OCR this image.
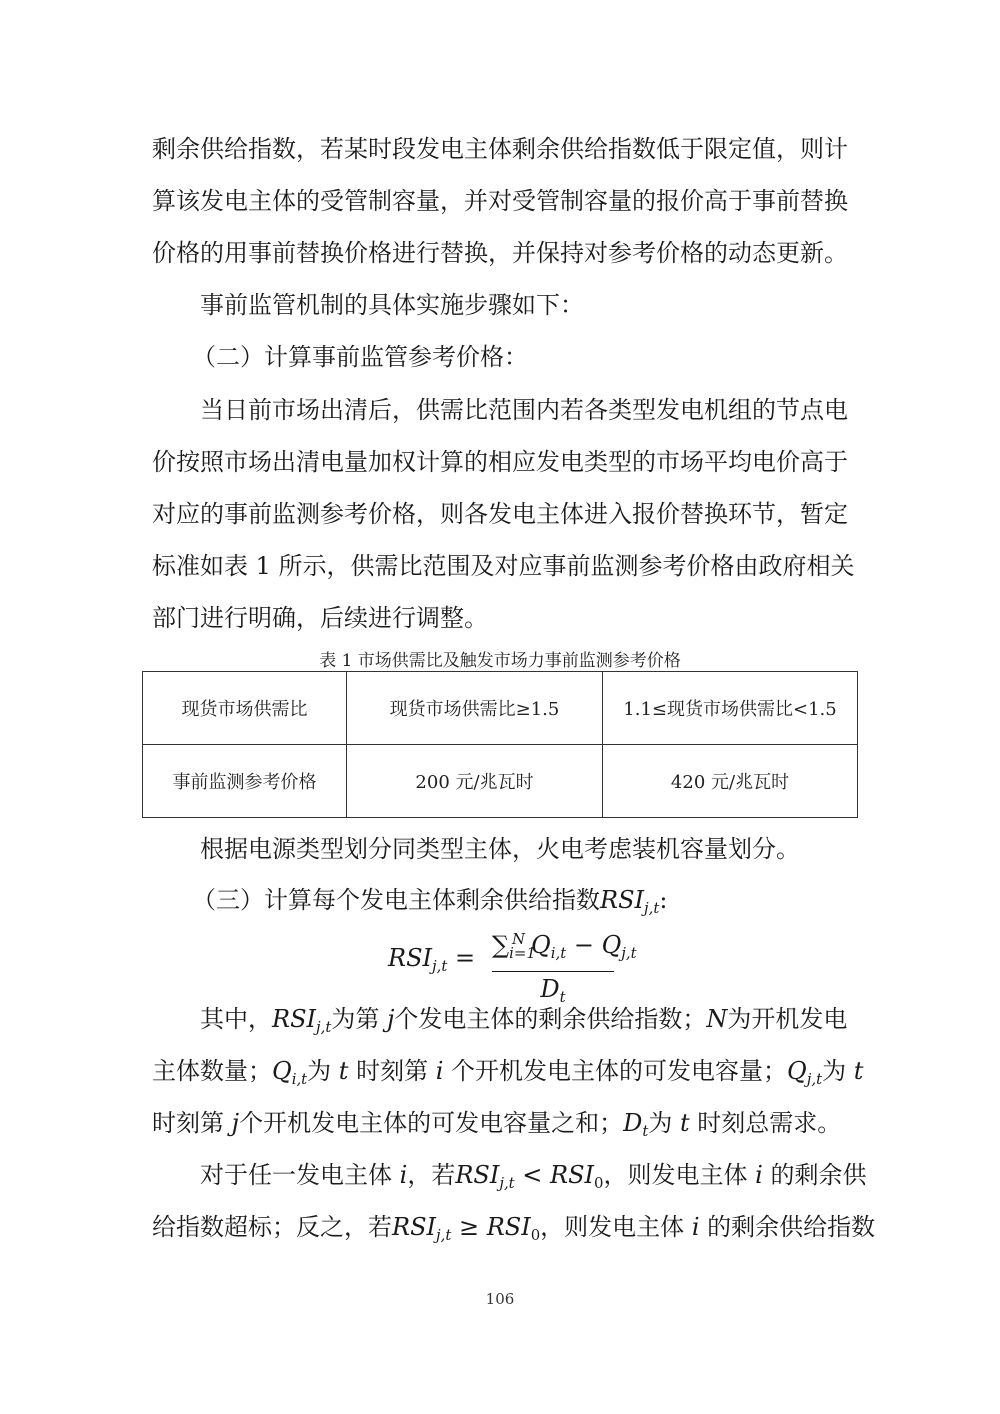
剩余供给指数，若某时段发电主体剩余供给指数低于限定值，则计
算该发电主体的受管制容量，并对受管制容量的报价高于事前替换
价格的用事前替换价格进行替换，并保持对参考价格的动态更新。
事前监管机制的具体实施步骤如下：
（二）计算事前监管参考价格：
当日前市场出清后，供需比范围内若各类型发电机组的节点电
价按照市场出清电量加权计算的相应发电类型的市场平均电价高于
对应的事前监测参考价格，则各发电主体进入报价替换环节，暂定
标准如表 1 所示，供需比范围及对应事前监测参考价格由政府相关
部门进行明确，后续进行调整。
表 1 市场供需比及触发市场力事前监测参考价格
现货市场供需比	现货市场供需比≥1.5	1.1≤现货市场供需比<1.5
事前监测参考价格	200 元/兆瓦时	420 元/兆瓦时
根据电源类型划分同类型主体，火电考虑装机容量划分。
（三）计算每个发电主体剩余供给指数$RSI_{j,t}$:
$RSI_{j,t} = \sum_{i=1}^N$ $Q_{i,t} - Q_{j,t}$
$D_t$
其中，$RSI_{j,t}$为第 j个发电主体的剩余供给指数；N为开机发电
主体数量；$Q_{i,t}$为 t 时刻第 i 个开机发电主体的可发电容量；$Q_{j,t}$为 t
时刻第 j个开机发电主体的可发电容量之和；$D_t$为 t 时刻总需求。
对于任一发电主体 i，若$RSI_{j,t} < RSI_0$，则发电主体 i 的剩余供
给指数超标；反之，若$RSI_{j,t} \ge RSI_0$，则发电主体 i 的剩余供给指数
106
